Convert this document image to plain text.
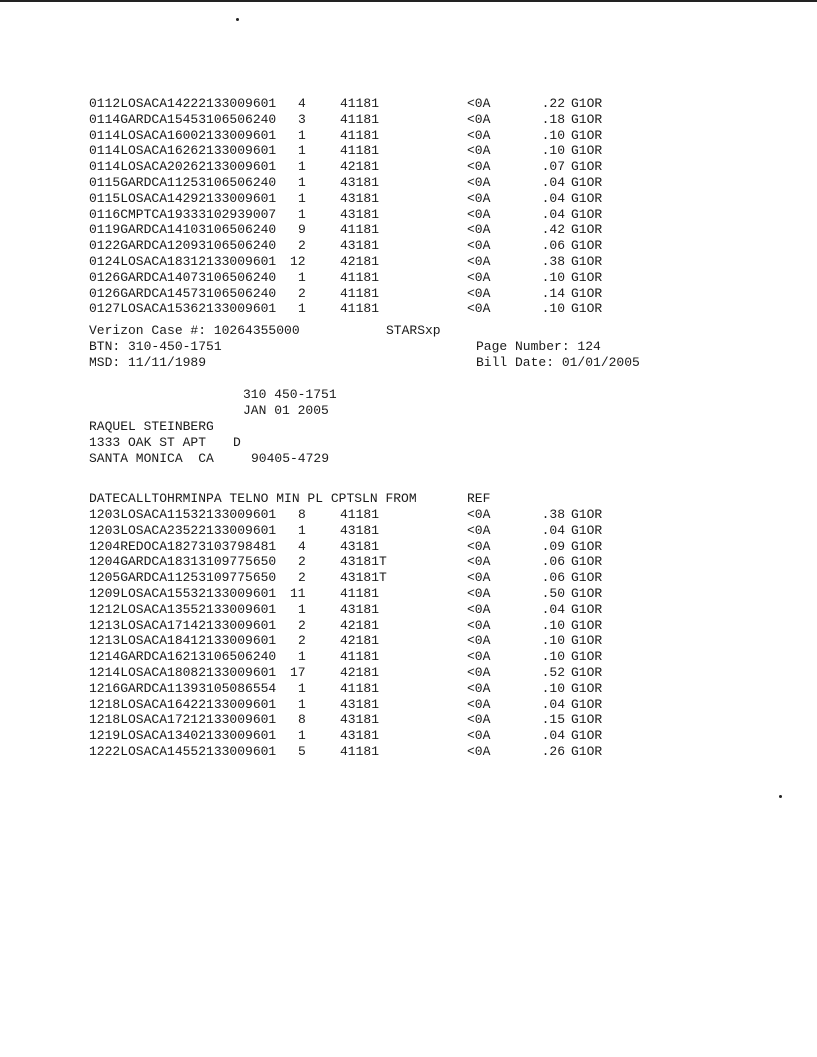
0112LOSACA14222133009601 4	41181	<0A	.22 G1OR
0114GARDCA15453106506240 3	41181	<0A	.18 G1OR
0114LOSACA16002133009601 1	41181	<0A	.10 G1OR
0114LOSACA16262133009601 1	41181	<0A	.10 G1OR
0114LOSACA20262133009601 1	42181	<0A	.07 G1OR
0115GARDCA11253106506240 1	43181	<0A	.04 G1OR
0115LOSACA14292133009601 1	43181	<0A	.04 G1OR
0116CMPTCA19333102939007 1	43181	<0A	.04 G1OR
0119GARDCA14103106506240 9	41181	<0A	.42 G1OR
0122GARDCA12093106506240 2	43181	<0A	.06 G1OR
0124LOSACA18312133009601 12	42181	<0A	.38 G1OR
0126GARDCA14073106506240 1	41181	<0A	.10 G1OR
0126GARDCA14573106506240 2	41181	<0A	.14 G1OR
0127LOSACA15362133009601 1	41181	<0A	.10 G1OR
Verizon Case #: 10264355000	STARSxp
BTN: 310-450-1751	Page Number: 124
MSD: 11/11/1989	Bill Date: 01/01/2005
310 450-1751
JAN 01 2005
RAQUEL STEINBERG
1333 OAK ST APT D
SANTA MONICA  CA	90405-4729
DATECALLTOHRMINPA TELNO MIN PL CPTSLN FROM	REF
1203LOSACA11532133009601 8	41181	<0A	.38 G1OR
1203LOSACA23522133009601 1	43181	<0A	.04 G1OR
1204REDOCA18273103798481 4	43181	<0A	.09 G1OR
1204GARDCA18313109775650 2	43181T	<0A	.06 G1OR
1205GARDCA11253109775650 2	43181T	<0A	.06 G1OR
1209LOSACA15532133009601 11	41181	<0A	.50 G1OR
1212LOSACA13552133009601 1	43181	<0A	.04 G1OR
1213LOSACA17142133009601 2	42181	<0A	.10 G1OR
1213LOSACA18412133009601 2	42181	<0A	.10 G1OR
1214GARDCA16213106506240 1	41181	<0A	.10 G1OR
1214LOSACA18082133009601 17	42181	<0A	.52 G1OR
1216GARDCA11393105086554 1	41181	<0A	.10 G1OR
1218LOSACA16422133009601 1	43181	<0A	.04 G1OR
1218LOSACA17212133009601 8	43181	<0A	.15 G1OR
1219LOSACA13402133009601 1	43181	<0A	.04 G1OR
1222LOSACA14552133009601 5	41181	<0A	.26 G1OR
